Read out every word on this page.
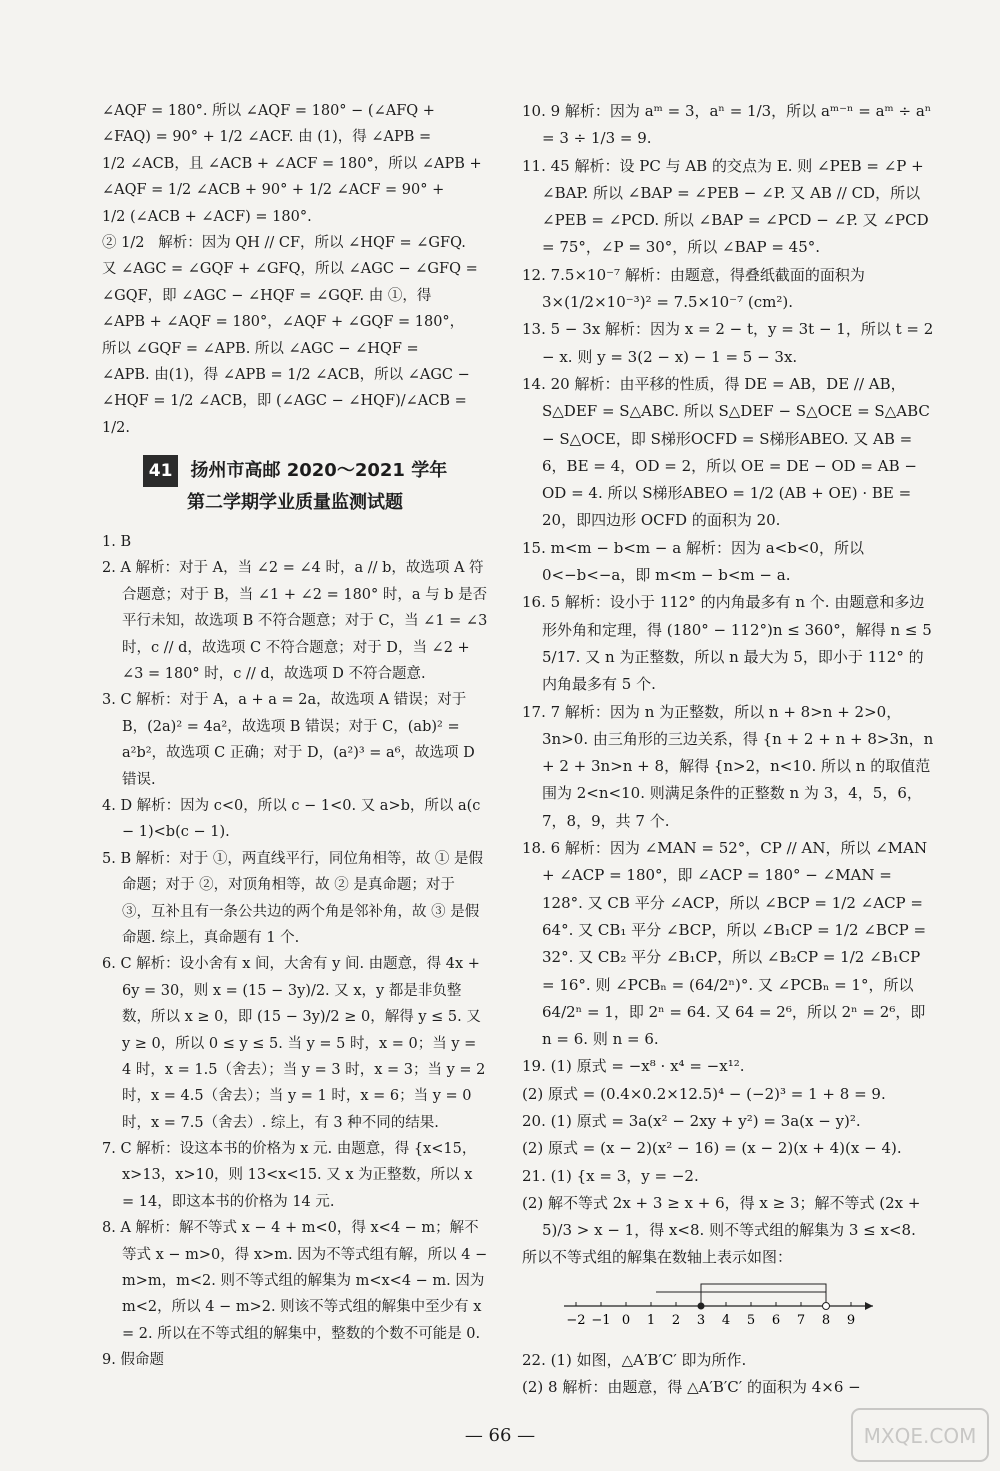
∠AQF = 180°. 所以 ∠AQF = 180° − (∠AFQ +

∠FAQ) = 90° + 1/2 ∠ACF. 由 (1)，得 ∠APB =

1/2 ∠ACB，且 ∠ACB + ∠ACF = 180°，所以 ∠APB +

∠AQF = 1/2 ∠ACB + 90° + 1/2 ∠ACF = 90° +

1/2 (∠ACB + ∠ACF) = 180°.

② 1/2   解析：因为 QH // CF，所以 ∠HQF = ∠GFQ.

又 ∠AGC = ∠GQF + ∠GFQ，所以 ∠AGC − ∠GFQ =

∠GQF，即 ∠AGC − ∠HQF = ∠GQF. 由 ①，得

∠APB + ∠AQF = 180°，∠AQF + ∠GQF = 180°，

所以 ∠GQF = ∠APB. 所以 ∠AGC − ∠HQF =

∠APB. 由(1)，得 ∠APB = 1/2 ∠ACB，所以 ∠AGC −

∠HQF = 1/2 ∠ACB，即 (∠AGC − ∠HQF)/∠ACB = 1/2.

41 扬州市高邮 2020～2021 学年
第二学期学业质量监测试题

1. B

2. A 解析：对于 A，当 ∠2 = ∠4 时，a // b，故选项 A 符合题意；对于 B，当 ∠1 + ∠2 = 180° 时，a 与 b 是否平行未知，故选项 B 不符合题意；对于 C，当 ∠1 = ∠3 时，c // d，故选项 C 不符合题意；对于 D，当 ∠2 + ∠3 = 180° 时，c // d，故选项 D 不符合题意.

3. C 解析：对于 A，a + a = 2a，故选项 A 错误；对于 B，(2a)² = 4a²，故选项 B 错误；对于 C，(ab)² = a²b²，故选项 C 正确；对于 D，(a²)³ = a⁶，故选项 D 错误.

4. D 解析：因为 c<0，所以 c − 1<0. 又 a>b，所以 a(c − 1)<b(c − 1).

5. B 解析：对于 ①，两直线平行，同位角相等，故 ① 是假命题；对于 ②，对顶角相等，故 ② 是真命题；对于 ③，互补且有一条公共边的两个角是邻补角，故 ③ 是假命题. 综上，真命题有 1 个.

6. C 解析：设小舍有 x 间，大舍有 y 间. 由题意，得 4x + 6y = 30，则 x = (15 − 3y)/2. 又 x，y 都是非负整数，所以 x ≥ 0，即 (15 − 3y)/2 ≥ 0，解得 y ≤ 5. 又 y ≥ 0，所以 0 ≤ y ≤ 5. 当 y = 5 时，x = 0；当 y = 4 时，x = 1.5（舍去）；当 y = 3 时，x = 3；当 y = 2 时，x = 4.5（舍去）；当 y = 1 时，x = 6；当 y = 0 时，x = 7.5（舍去）. 综上，有 3 种不同的结果.

7. C 解析：设这本书的价格为 x 元. 由题意，得 {x<15，x>13，x>10，则 13<x<15. 又 x 为正整数，所以 x = 14，即这本书的价格为 14 元.

8. A 解析：解不等式 x − 4 + m<0，得 x<4 − m；解不等式 x − m>0，得 x>m. 因为不等式组有解，所以 4 − m>m，m<2. 则不等式组的解集为 m<x<4 − m. 因为 m<2，所以 4 − m>2. 则该不等式组的解集中至少有 x = 2. 所以在不等式组的解集中，整数的个数不可能是 0.

9. 假命题

10. 9 解析：因为 aᵐ = 3，aⁿ = 1/3，所以 aᵐ⁻ⁿ = aᵐ ÷ aⁿ = 3 ÷ 1/3 = 9.

11. 45 解析：设 PC 与 AB 的交点为 E. 则 ∠PEB = ∠P + ∠BAP. 所以 ∠BAP = ∠PEB − ∠P. 又 AB // CD，所以 ∠PEB = ∠PCD. 所以 ∠BAP = ∠PCD − ∠P. 又 ∠PCD = 75°，∠P = 30°，所以 ∠BAP = 45°.

12. 7.5×10⁻⁷ 解析：由题意，得叠纸截面的面积为 3×(1/2×10⁻³)² = 7.5×10⁻⁷ (cm²).

13. 5 − 3x 解析：因为 x = 2 − t，y = 3t − 1，所以 t = 2 − x. 则 y = 3(2 − x) − 1 = 5 − 3x.

14. 20 解析：由平移的性质，得 DE = AB，DE // AB，S△DEF = S△ABC. 所以 S△DEF − S△OCE = S△ABC − S△OCE，即 S梯形OCFD = S梯形ABEO. 又 AB = 6，BE = 4，OD = 2，所以 OE = DE − OD = AB − OD = 4. 所以 S梯形ABEO = 1/2 (AB + OE) · BE = 20，即四边形 OCFD 的面积为 20.

15. m<m − b<m − a 解析：因为 a<b<0，所以 0<−b<−a，即 m<m − b<m − a.

16. 5 解析：设小于 112° 的内角最多有 n 个. 由题意和多边形外角和定理，得 (180° − 112°)n ≤ 360°，解得 n ≤ 5 5/17. 又 n 为正整数，所以 n 最大为 5，即小于 112° 的内角最多有 5 个.

17. 7 解析：因为 n 为正整数，所以 n + 8>n + 2>0，3n>0. 由三角形的三边关系，得 {n + 2 + n + 8>3n，n + 2 + 3n>n + 8，解得 {n>2，n<10. 所以 n 的取值范围为 2<n<10. 则满足条件的正整数 n 为 3，4，5，6，7，8，9，共 7 个.

18. 6 解析：因为 ∠MAN = 52°，CP // AN，所以 ∠MAN + ∠ACP = 180°，即 ∠ACP = 180° − ∠MAN = 128°. 又 CB 平分 ∠ACP，所以 ∠BCP = 1/2 ∠ACP = 64°. 又 CB₁ 平分 ∠BCP，所以 ∠B₁CP = 1/2 ∠BCP = 32°. 又 CB₂ 平分 ∠B₁CP，所以 ∠B₂CP = 1/2 ∠B₁CP = 16°. 则 ∠PCBₙ = (64/2ⁿ)°. 又 ∠PCBₙ = 1°，所以 64/2ⁿ = 1，即 2ⁿ = 64. 又 64 = 2⁶，所以 2ⁿ = 2⁶，即 n = 6. 则 n = 6.

19. (1) 原式 = −x⁸ · x⁴ = −x¹².

(2) 原式 = (0.4×0.2×12.5)⁴ − (−2)³ = 1 + 8 = 9.

20. (1) 原式 = 3a(x² − 2xy + y²) = 3a(x − y)².

(2) 原式 = (x − 2)(x² − 16) = (x − 2)(x + 4)(x − 4).

21. (1) {x = 3，y = −2.

(2) 解不等式 2x + 3 ≥ x + 6，得 x ≥ 3；解不等式 (2x + 5)/3 > x − 1，得 x<8. 则不等式组的解集为 3 ≤ x<8.

所以不等式组的解集在数轴上表示如图：

−2 −1 0 1 2 3 4 5 6 7 8 9

22. (1) 如图，△A′B′C′ 即为所作.

(2) 8 解析：由题意，得 △A′B′C′ 的面积为 4×6 −

— 66 —	MXQE.COM
